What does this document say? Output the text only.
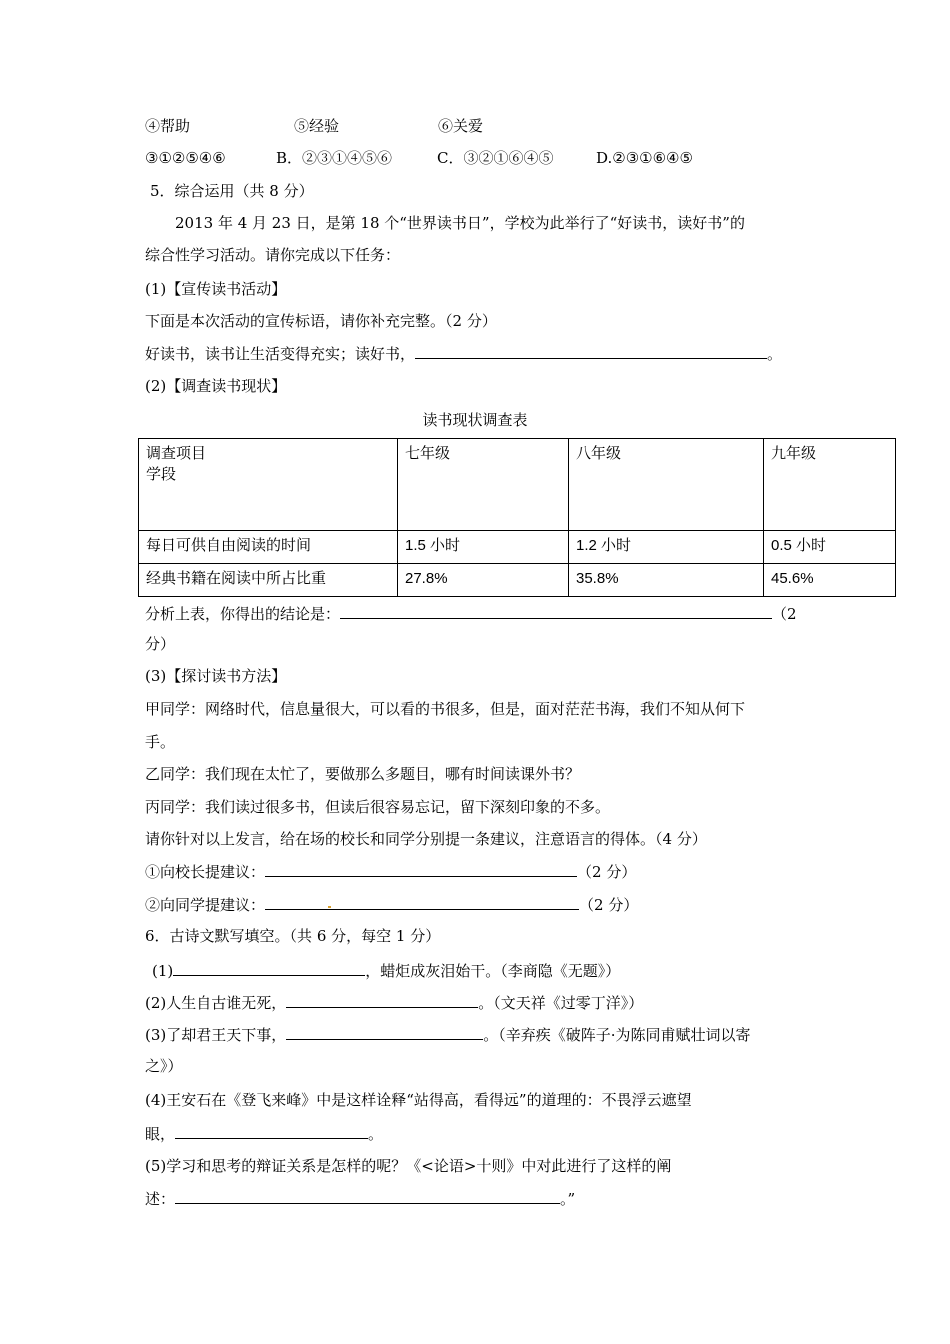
④帮助	⑤经验	⑥关爱
③①②⑤④⑥	B．②③①④⑤⑥	C．③②①⑥④⑤	D.②③①⑥④⑤
5．综合运用（共 8 分）
2013 年 4 月 23 日，是第 18 个“世界读书日”，学校为此举行了“好读书，读好书”的
综合性学习活动。请你完成以下任务：
(1)【宣传读书活动】
下面是本次活动的宣传标语，请你补充完整。（2 分）
好读书，读书让生活变得充实；读好书，	。
(2)【调查读书现状】
读书现状调查表
调查项目
学段	七年级	八年级	九年级
每日可供自由阅读的时间	1.5 小时	1.2 小时	0.5 小时
经典书籍在阅读中所占比重	27.8%	35.8%	45.6%
分析上表，你得出的结论是：	（2
分）
(3)【探讨读书方法】
甲同学：网络时代，信息量很大，可以看的书很多，但是，面对茫茫书海，我们不知从何下
手。
乙同学：我们现在太忙了，要做那么多题目，哪有时间读课外书？
丙同学：我们读过很多书，但读后很容易忘记，留下深刻印象的不多。
请你针对以上发言，给在场的校长和同学分别提一条建议，注意语言的得体。（4 分）
①向校长提建议：	（2 分）
②向同学提建议：	（2 分）
6．古诗文默写填空。（共 6 分，每空 1 分）
(1)	，蜡炬成灰泪始干。（李商隐《无题》）
(2)人生自古谁无死，	。（文天祥《过零丁洋》）
(3)了却君王天下事，	。（辛弃疾《破阵子·为陈同甫赋壮词以寄
之》）
(4)王安石在《登飞来峰》中是这样诠释“站得高，看得远”的道理的：不畏浮云遮望
眼，	。
(5)学习和思考的辩证关系是怎样的呢？《<论语>十则》中对此进行了这样的阐
述：	。”
